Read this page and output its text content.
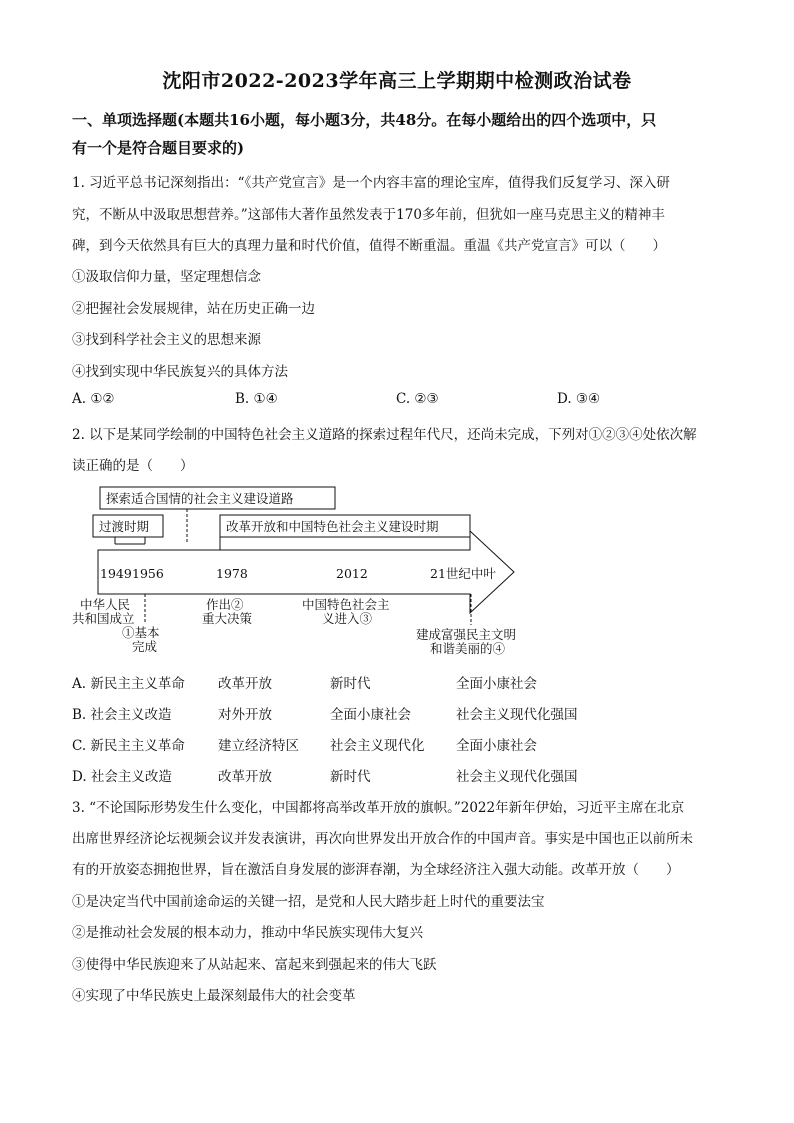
沈阳市2022-2023学年高三上学期期中检测政治试卷
一、单项选择题(本题共16小题，每小题3分，共48分。在每小题给出的四个选项中，只
有一个是符合题目要求的)
1. 习近平总书记深刻指出：“《共产党宣言》是一个内容丰富的理论宝库，值得我们反复学习、深入研
究，不断从中汲取思想营养。”这部伟大著作虽然发表于170多年前，但犹如一座马克思主义的精神丰
碑，到今天依然具有巨大的真理力量和时代价值，值得不断重温。重温《共产党宣言》可以（　　）
①汲取信仰力量，坚定理想信念
②把握社会发展规律，站在历史正确一边
③找到科学社会主义的思想来源
④找到实现中华民族复兴的具体方法
A. ①②	B. ①④	C. ②③	D. ③④
2. 以下是某同学绘制的中国特色社会主义道路的探索过程年代尺，还尚未完成，下列对①②③④处依次解
读正确的是（　　）
探索适合国情的社会主义建设道路
过渡时期	改革开放和中国特色社会主义建设时期
1949 1956	1978	2012	21世纪中叶
中华人民
共和国成立
①基本
完成
作出②
重大决策
中国特色社会主
义进入③
建成富强民主文明
和谐美丽的④
A. 新民主主义革命 改革开放	新时代	全面小康社会
B. 社会主义改造	对外开放	全面小康社会	社会主义现代化强国
C. 新民主主义革命 建立经济特区 社会主义现代化 全面小康社会
D. 社会主义改造	改革开放	新时代	社会主义现代化强国
3. “不论国际形势发生什么变化，中国都将高举改革开放的旗帜。”2022年新年伊始，习近平主席在北京
出席世界经济论坛视频会议并发表演讲，再次向世界发出开放合作的中国声音。事实是中国也正以前所未
有的开放姿态拥抱世界，旨在激活自身发展的澎湃春潮，为全球经济注入强大动能。改革开放（　　）
①是决定当代中国前途命运的关键一招，是党和人民大踏步赶上时代的重要法宝
②是推动社会发展的根本动力，推动中华民族实现伟大复兴
③使得中华民族迎来了从站起来、富起来到强起来的伟大飞跃
④实现了中华民族史上最深刻最伟大的社会变革
